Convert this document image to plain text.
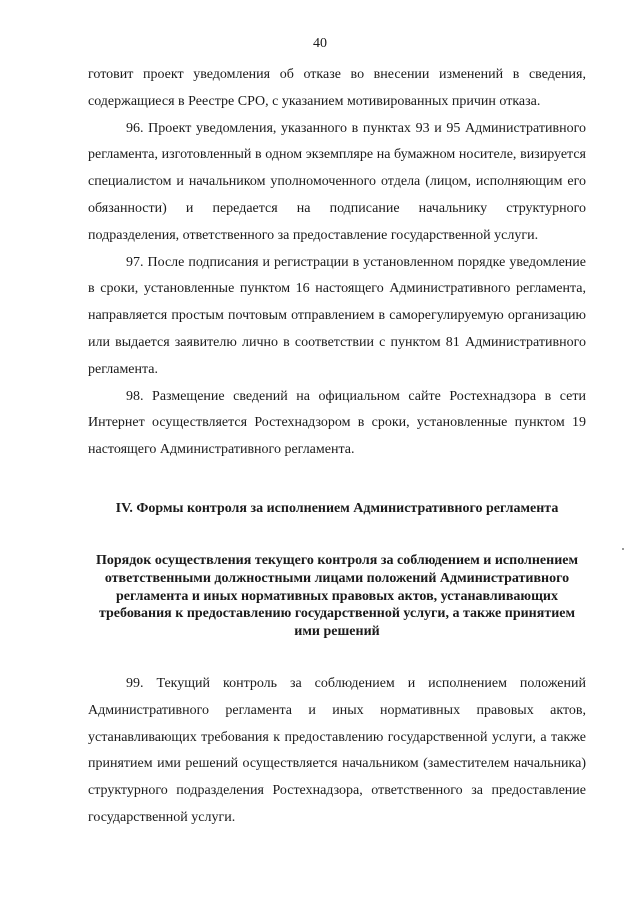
40

готовит проект уведомления об отказе во внесении изменений в сведения, содержащиеся в Реестре СРО, с указанием мотивированных причин отказа.

96. Проект уведомления, указанного в пунктах 93 и 95 Административного регламента, изготовленный в одном экземпляре на бумажном носителе, визируется специалистом и начальником уполномоченного отдела (лицом, исполняющим его обязанности) и передается на подписание начальнику структурного подразделения, ответственного за предоставление государственной услуги.

97. После подписания и регистрации в установленном порядке уведомление в сроки, установленные пунктом 16 настоящего Административного регламента, направляется простым почтовым отправлением в саморегулируемую организацию или выдается заявителю лично в соответствии с пунктом 81 Административного регламента.

98. Размещение сведений на официальном сайте Ростехнадзора в сети Интернет осуществляется Ростехнадзором в сроки, установленные пунктом 19 настоящего Административного регламента.

IV. Формы контроля за исполнением Административного регламента
Порядок осуществления текущего контроля за соблюдением и исполнением ответственными должностными лицами положений Административного регламента и иных нормативных правовых актов, устанавливающих требования к предоставлению государственной услуги, а также принятием ими решений

99. Текущий контроль за соблюдением и исполнением положений Административного регламента и иных нормативных правовых актов, устанавливающих требования к предоставлению государственной услуги, а также принятием ими решений осуществляется начальником (заместителем начальника) структурного подразделения Ростехнадзора, ответственного за предоставление государственной услуги.
